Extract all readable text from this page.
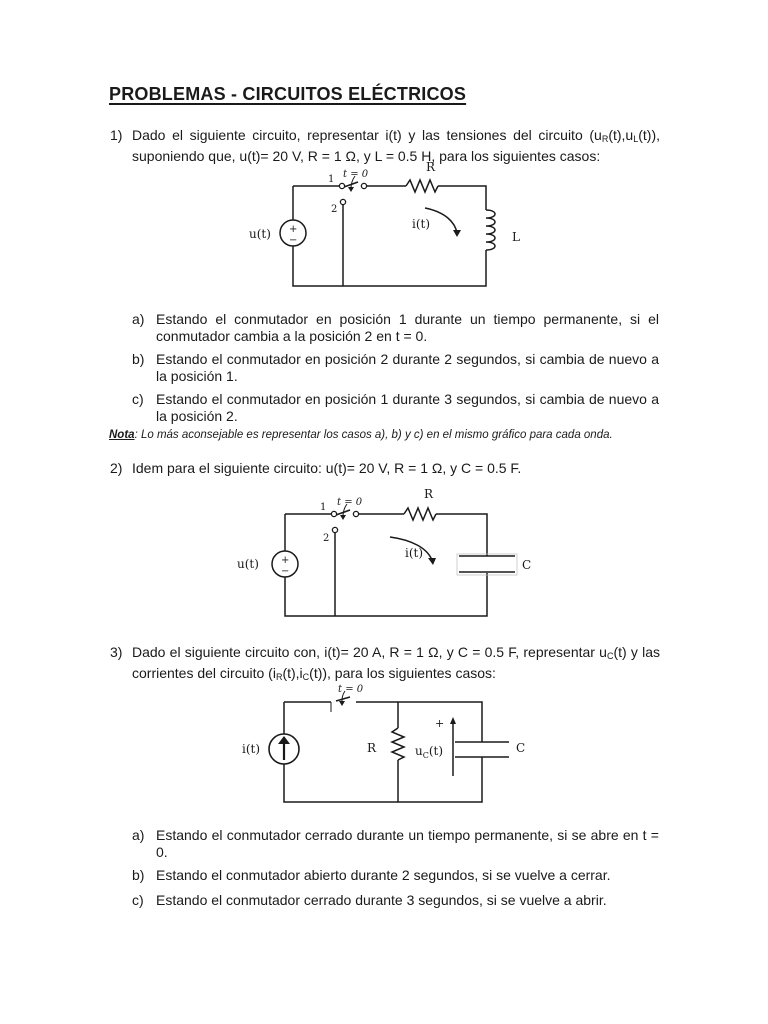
PROBLEMAS - CIRCUITOS ELÉCTRICOS
1) Dado el siguiente circuito, representar i(t) y las tensiones del circuito $(u_R(t),u_L(t))$, suponiendo que, u(t)= 20 V, R = 1 Ω, y L = 0.5 H, para los siguientes casos:
+
−
u(t)
1
2
t = 0
R
i(t)
L
a) Estando el conmutador en posición 1 durante un tiempo permanente, si el conmutador cambia a la posición 2 en t = 0.
b) Estando el conmutador en posición 2 durante 2 segundos, si cambia de nuevo a la posición 1.
c) Estando el conmutador en posición 1 durante 3 segundos, si cambia de nuevo a la posición 2.
Nota: Lo más aconsejable es representar los casos a), b) y c) en el mismo gráfico para cada onda.
2) Idem para el siguiente circuito: u(t)= 20 V, R = 1 Ω, y C = 0.5 F.
+
−
u(t)
1
2
t = 0
R
i(t)
C
3) Dado el siguiente circuito con, i(t)= 20 A, R = 1 Ω, y C = 0.5 F, representar $u_C(t)$ y las corrientes del circuito $(i_R(t),i_C(t))$, para los siguientes casos:
i(t)
t = 0
R
+
$u_C(t)$	C
a) Estando el conmutador cerrado durante un tiempo permanente, si se abre en t = 0.
b) Estando el conmutador abierto durante 2 segundos, si se vuelve a cerrar.
c) Estando el conmutador cerrado durante 3 segundos, si se vuelve a abrir.
